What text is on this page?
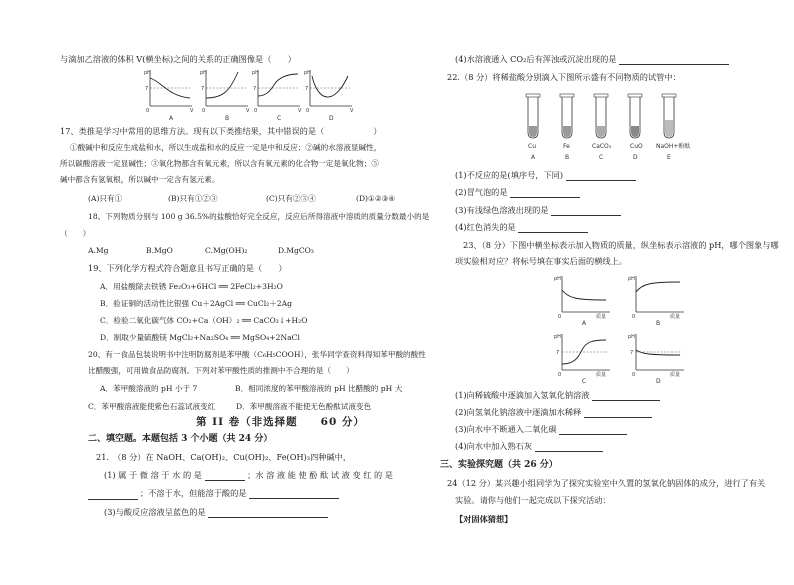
与滴加乙溶液的体积 V(横坐标)之间的关系的正确图像是（　　）
pH
7
0	V
A
pH
7
0	V
B
pH
7
0	V
C
pH
7
0	V
D
17、类推是学习中常用的思维方法。现有以下类推结果，其中错误的是（　　　　　　）
①酸碱中和反应生成盐和水，所以生成盐和水的反应一定是中和反应；②碱的水溶液显碱性，
所以碳酸溶液一定显碱性；③氧化物都含有氧元素，所以含有氧元素的化合物一定是氧化物；⑤
碱中都含有氢氧根，所以碱中一定含有氢元素。
(A)只有①	(B)只有①②③	(C)只有②③④	(D)①②③④
18、下列物质分别与 100 g 36.5%的盐酸恰好完全反应，反应后所得溶液中溶质的质量分数最小的是
（　　）
A.Mg	B.MgO	C.Mg(OH)₂	D.MgCO₃
19、下列化学方程式符合题意且书写正确的是（　　）
A．用盐酸除去铁锈 Fe₂O₃+6HCl ══ 2FeCl₂+3H₂O
B．验证铜的活动性比银强 Cu＋2AgCl ══ CuCl₂＋2Ag
C．检验二氧化碳气体 CO₂+Ca（OH）₂ ══ CaCO₃↓+H₂O
D．制取少量硫酸镁 MgCl₂+Na₂SO₄ ══ MgSO₄+2NaCl
20、有一食品包装说明书中注明防腐剂是苯甲酸（C₆H₅COOH），张华同学查资料得知苯甲酸的酸性
比醋酸强，可用做食品防腐剂。下列对苯甲酸性质的推测中不合理的是（　　）
A．苯甲酸溶液的 pH 小于 7	B．相同浓度的苯甲酸溶液的 pH 比醋酸的 pH 大
C．苯甲酸溶液能使紫色石蕊试液变红	D．苯甲酸溶液不能使无色酚酞试液变色
第 II 卷（非选择题　　60 分）
二、填空题。本题包括 3 个小题（共 24 分）
21.　（8 分）在 NaOH、Ca(OH)₂、Cu(OH)₂、Fe(OH)₃四种碱中，
(1) 属 于 微 溶 于 水 的 是	；水 溶 液 能 使 酚 酞 试 液 变 红 的 是
；不溶于水，但能溶于酸的是
(3)与酸反应溶液呈蓝色的是
(4)水溶液通入 CO₂后有浑浊或沉淀出现的是
22.（8 分）将稀盐酸分别滴入下图所示盛有不同物质的试管中：
Cu	Fe	CaCO₃	CuO NaOH+酚酞
A	B	C	D	E
(1)不反应的是(填序号，下同)
(2)冒气泡的是
(3)有浅绿色溶液出现的是
(4)红色消失的是
23、（8 分）下图中横坐标表示加入物质的质量，纵坐标表示溶液的 pH，哪个图象与哪
项实验相对应？将标号填在事实后面的横线上。
pH
0	质量
A
pH
0	质量
B
pH
7
0	质量
C
pH
7
0	质量
D
(1)向稀硫酸中逐滴加入氢氧化钠溶液
(2)向氢氧化钠溶液中逐滴加水稀释
(3)向水中不断通入二氧化碳
(4)向水中加入熟石灰
三、实验探究题（共 26 分）
24（12 分）某兴趣小组同学为了探究实验室中久置的氢氧化钠固体的成分，进行了有关
实验。请你与他们一起完成以下探究活动：
【对固体猜想】
